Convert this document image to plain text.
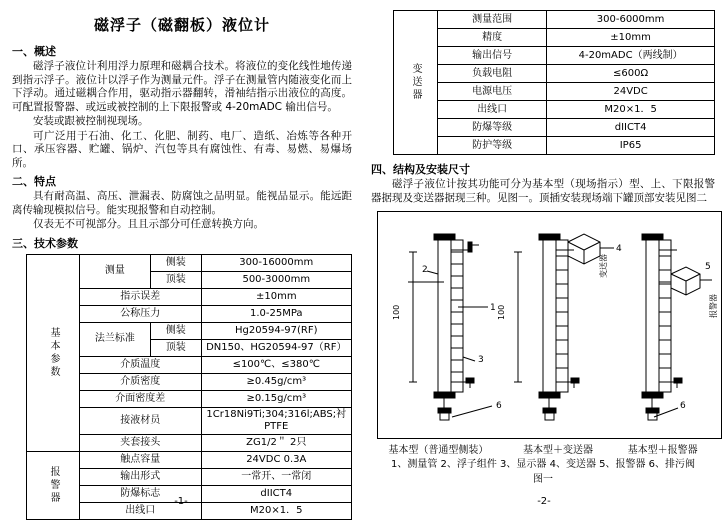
磁浮子（磁翻板）液位计
一、概述

磁浮子液位计利用浮力原理和磁耦合技术。将液位的变化线性地传递到指示浮子。液位计以浮子作为测量元件。浮子在测量管内随液变化而上下浮动。通过磁耦合作用，驱动指示器翻转，滑袖结指示出液位的高度。可配置报警器、或远或被控制的上下限报警或 4-20mADC 输出信号。

安装或跟被控制视现场。

可广泛用于石油、化工、化肥、制药、电厂、造纸、冶炼等各种开口、承压容器、贮罐、锅炉、汽包等具有腐蚀性、有毒、易燃、易爆场所。

二、特点

具有耐高温、高压、泄漏表、防腐蚀之品明显。能视品显示。能远距离传输现模拟信号。能实现报警和自动控制。

仅表无不可视部分。且且示部分可任意转换方向。

三、技术参数
基本参数	测量	侧装	300-16000mm
		顶装	500-3000mm
	指示误差		±10mm
	公称压力		1.0-25MPa
	法兰标准	侧装	Hg20594-97(RF)
		顶装	DN150、HG20594-97（RF）
	介质温度		≤100℃、≤380℃
	介质密度		≥0.45g/cm³
	介面密度差		≥0.15g/cm³
	接液材员		1Cr18Ni9Ti;304;316l;ABS;衬PTFE
	夹套接头		ZG1/2＂ 2只

报警器	触点容量		24VDC 0.3A
	输出形式		一常开、一常闭
	防爆标志		dIICT4
	出线口		M20×1．5
-1-
变送器	测量范围	300-6000mm
	精度	±10mm
	输出信号	4-20mADC（两线制）
	负载电阻	≤600Ω
	电源电压	24VDC
	出线口	M20×1．5
	防爆等级	dIICT4
	防护等级	IP65
四、结构及安装尺寸

磁浮子液位计按其功能可分为基本型（现场指示）型、上、下限报警器据现及变送器据现三种。见图一。顶插安装现场端下罐顶部安装见图二

100	1
2
3
100
4
变送器	5
报警器
6
6
基本型（普通型侧装）	基本型＋变送器	基本型＋报警器
1、测量管 2、浮子组件 3、显示器 4、变送器 5、报警器 6、排污阀
图一
-2-
